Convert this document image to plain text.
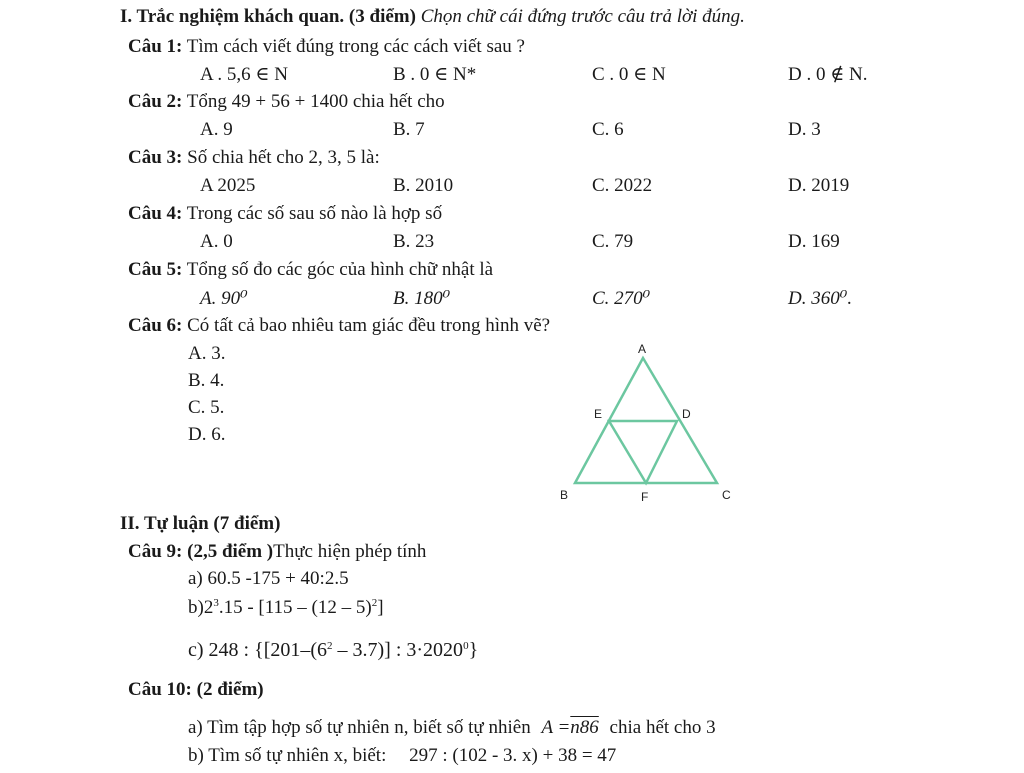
I. Trắc nghiệm khách quan. (3 điểm) Chọn chữ cái đứng trước câu trả lời đúng.
Câu 1: Tìm cách viết đúng trong các cách viết sau ?
A . 5,6 ∈ N	B . 0 ∈ N*	C . 0 ∈ N	D . 0 ∉ N.
Câu 2: Tổng 49 + 56 + 1400 chia hết cho
A. 9	B. 7	C. 6	D. 3
Câu 3: Số chia hết cho 2, 3, 5 là:
A 2025	B. 2010	C. 2022	D. 2019
Câu 4: Trong các số sau số nào là hợp số
A. 0	B. 23	C. 79	D. 169
Câu 5: Tổng số đo các góc của hình chữ nhật là
A. 90⁰	B. 180⁰	C. 270⁰	D. 360⁰.
Câu 6: Có tất cả bao nhiêu tam giác đều trong hình vẽ?
A. 3.
B. 4.
C. 5.
D. 6.
A
E	D
B	F	C
II. Tự luận (7 điểm)
Câu 9: (2,5 điểm )Thực hiện phép tính
a) 60.5 -175 + 40:2.5
$b)2^3.15 - [115 - (12 - 5)^2]$
c) 248 : {$[201-(6^2 - 3.7)]$ : $3\cdot 2020^0$}
Câu 10: (2 điểm)
a) Tìm tập hợp số tự nhiên n, biết số tự nhiên A =n86 chia hết cho 3
b) Tìm số tự nhiên x, biết: 297 : (102 - 3. x) + 38 = 47
